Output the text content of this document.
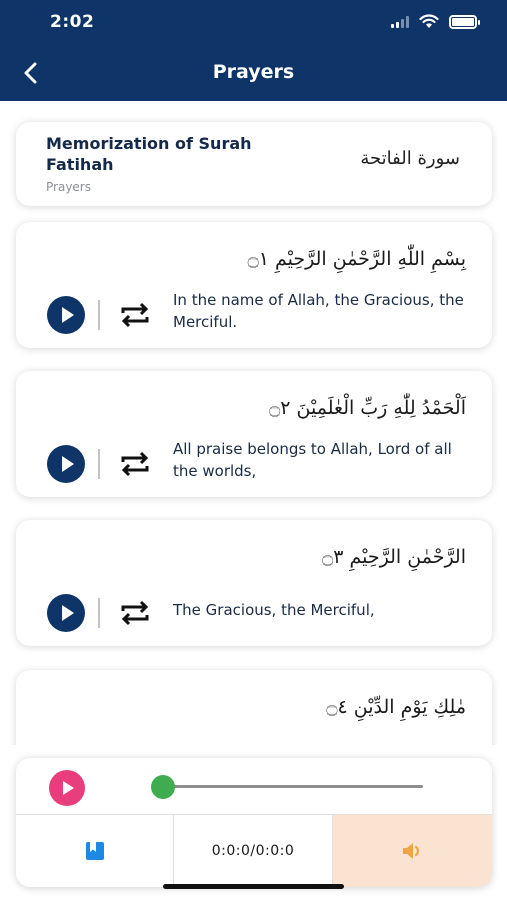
2:02
Prayers
Memorization of Surah Fatihah
Prayers
سورة الفاتحة
بِسْمِ اللّٰهِ الرَّحْمٰنِ الرَّحِيْمِ ۝١
In the name of Allah, the Gracious, the Merciful.
اَلْحَمْدُ لِلّٰهِ رَبِّ الْعٰلَمِيْنَ ۝٢
All praise belongs to Allah, Lord of all the worlds,
الرَّحْمٰنِ الرَّحِيْمِ ۝٣
The Gracious, the Merciful,
مٰلِكِ يَوْمِ الدِّيْنِ ۝٤
0:0:0/0:0:0
